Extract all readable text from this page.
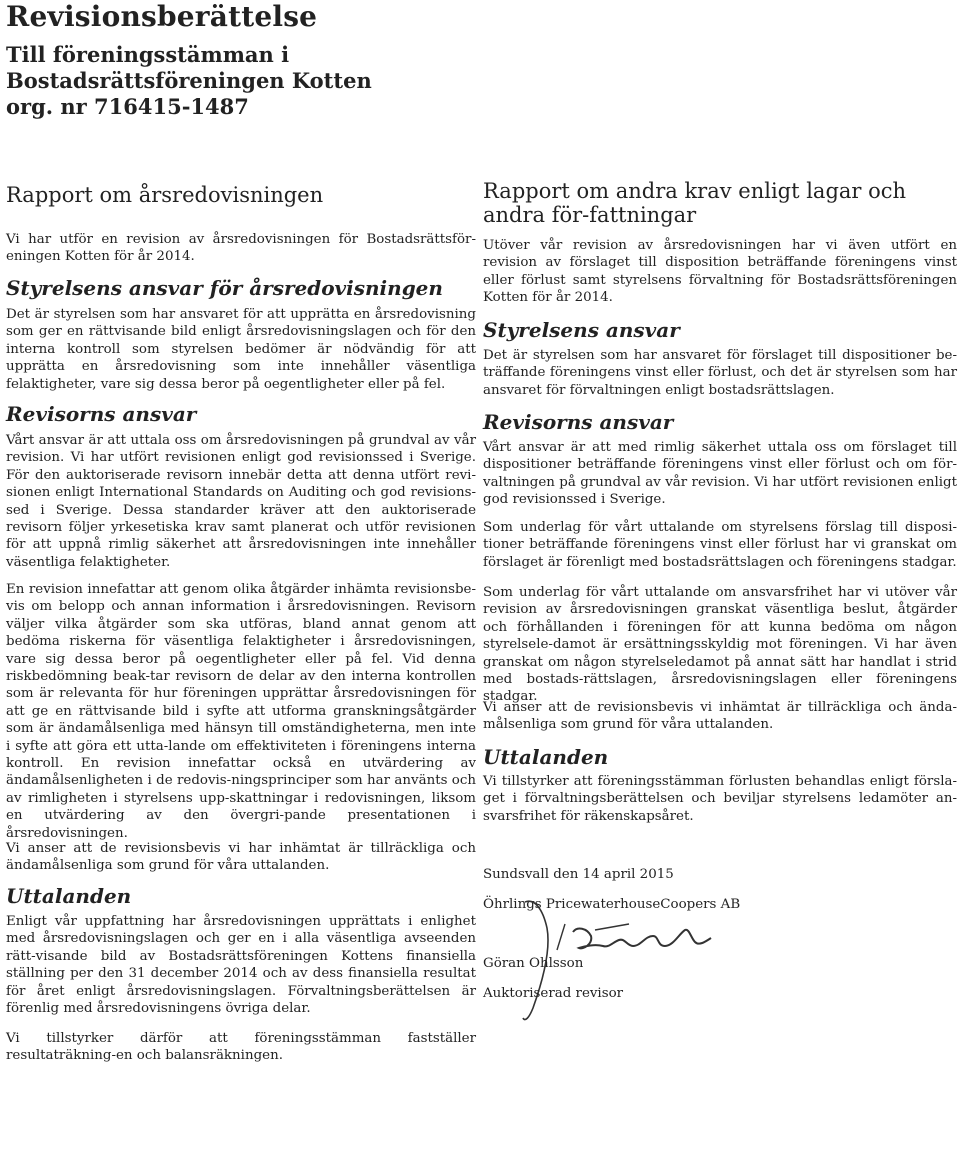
Revisionsberättelse
Till föreningsstämman i
Bostadsrättsföreningen Kotten
org. nr 716415-1487
Rapport om årsredovisningen

Vi har utför en revision av årsredovisningen för Bostadsrättsför-eningen Kotten för år 2014.

Styrelsens ansvar för årsredovisningen

Det är styrelsen som har ansvaret för att upprätta en årsredovisning som ger en rättvisande bild enligt årsredovisningslagen och för den interna kontroll som styrelsen bedömer är nödvändig för att upprätta en årsredovisning som inte innehåller väsentliga felaktigheter, vare sig dessa beror på oegentligheter eller på fel.

Revisorns ansvar

Vårt ansvar är att uttala oss om årsredovisningen på grundval av vår revision. Vi har utfört revisionen enligt god revisionssed i Sverige. För den auktoriserade revisorn innebär detta att denna utfört revi-sionen enligt International Standards on Auditing och god revisions-sed i Sverige. Dessa standarder kräver att den auktoriserade revisorn följer yrkesetiska krav samt planerat och utför revisionen för att uppnå rimlig säkerhet att årsredovisningen inte innehåller väsentliga felaktigheter.

En revision innefattar att genom olika åtgärder inhämta revisionsbe-vis om belopp och annan information i årsredovisningen. Revisorn väljer vilka åtgärder som ska utföras, bland annat genom att bedöma riskerna för väsentliga felaktigheter i årsredovisningen, vare sig dessa beror på oegentligheter eller på fel. Vid denna riskbedömning beak-tar revisorn de delar av den interna kontrollen som är relevanta för hur föreningen upprättar årsredovisningen för att ge en rättvisande bild i syfte att utforma granskningsåtgärder som är ändamålsenliga med hänsyn till omständigheterna, men inte i syfte att göra ett utta-lande om effektiviteten i föreningens interna kontroll. En revision innefattar också en utvärdering av ändamålsenligheten i de redovis-ningsprinciper som har använts och av rimligheten i styrelsens upp-skattningar i redovisningen, liksom en utvärdering av den övergri-pande presentationen i årsredovisningen.

Vi anser att de revisionsbevis vi har inhämtat är tillräckliga och ändamålsenliga som grund för våra uttalanden.

Uttalanden

Enligt vår uppfattning har årsredovisningen upprättats i enlighet med årsredovisningslagen och ger en i alla väsentliga avseenden rätt-visande bild av Bostadsrättsföreningen Kottens finansiella ställning per den 31 december 2014 och av dess finansiella resultat för året enligt årsredovisningslagen. Förvaltningsberättelsen är förenlig med årsredovisningens övriga delar.

Vi tillstyrker därför att föreningsstämman fastställer resultaträkning-en och balansräkningen.

Rapport om andra krav enligt lagar och andra för-fattningar

Utöver vår revision av årsredovisningen har vi även utfört en revision av förslaget till disposition beträffande föreningens vinst eller förlust samt styrelsens förvaltning för Bostadsrättsföreningen Kotten för år 2014.

Styrelsens ansvar

Det är styrelsen som har ansvaret för förslaget till dispositioner be-träffande föreningens vinst eller förlust, och det är styrelsen som har ansvaret för förvaltningen enligt bostadsrättslagen.

Revisorns ansvar

Vårt ansvar är att med rimlig säkerhet uttala oss om förslaget till dispositioner beträffande föreningens vinst eller förlust och om för-valtningen på grundval av vår revision. Vi har utfört revisionen enligt god revisionssed i Sverige.

Som underlag för vårt uttalande om styrelsens förslag till disposi-tioner beträffande föreningens vinst eller förlust har vi granskat om förslaget är förenligt med bostadsrättslagen och föreningens stadgar.

Som underlag för vårt uttalande om ansvarsfrihet har vi utöver vår revision av årsredovisningen granskat väsentliga beslut, åtgärder och förhållanden i föreningen för att kunna bedöma om någon styrelsele-damot är ersättningsskyldig mot föreningen. Vi har även granskat om någon styrelseledamot på annat sätt har handlat i strid med bostads-rättslagen, årsredovisningslagen eller föreningens stadgar.

Vi anser att de revisionsbevis vi inhämtat är tillräckliga och ända-målsenliga som grund för våra uttalanden.

Uttalanden

Vi tillstyrker att föreningsstämman förlusten behandlas enligt försla-get i förvaltningsberättelsen och beviljar styrelsens ledamöter an-svarsfrihet för räkenskapsåret.

Sundsvall den 14 april 2015
Öhrlings PricewaterhouseCoopers AB
Göran Ohlsson
Auktoriserad revisor
